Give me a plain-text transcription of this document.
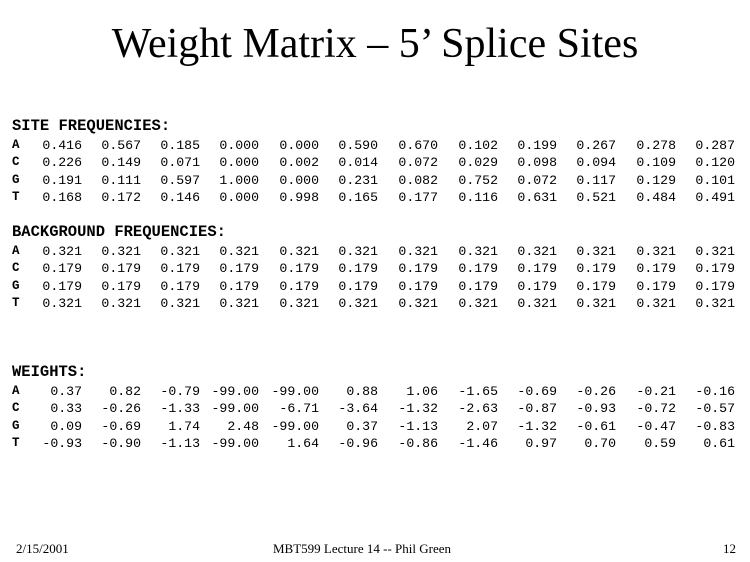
Weight Matrix – 5’ Splice Sites
SITE FREQUENCIES:
A	0.416	0.567	0.185	0.000	0.000	0.590	0.670	0.102	0.199	0.267	0.278	0.287
C	0.226	0.149	0.071	0.000	0.002	0.014	0.072	0.029	0.098	0.094	0.109	0.120
G	0.191	0.111	0.597	1.000	0.000	0.231	0.082	0.752	0.072	0.117	0.129	0.101
T	0.168	0.172	0.146	0.000	0.998	0.165	0.177	0.116	0.631	0.521	0.484	0.491
BACKGROUND FREQUENCIES:
A	0.321	0.321	0.321	0.321	0.321	0.321	0.321	0.321	0.321	0.321	0.321	0.321
C	0.179	0.179	0.179	0.179	0.179	0.179	0.179	0.179	0.179	0.179	0.179	0.179
G	0.179	0.179	0.179	0.179	0.179	0.179	0.179	0.179	0.179	0.179	0.179	0.179
T	0.321	0.321	0.321	0.321	0.321	0.321	0.321	0.321	0.321	0.321	0.321	0.321
WEIGHTS:
A	0.37	0.82	-0.79 -99.00 -99.00	0.88	1.06	-1.65	-0.69	-0.26	-0.21	-0.16
C	0.33	-0.26	-1.33 -99.00	-6.71	-3.64	-1.32	-2.63	-0.87	-0.93	-0.72	-0.57
G	0.09	-0.69	1.74	2.48 -99.00	0.37	-1.13	2.07	-1.32	-0.61	-0.47	-0.83
T	-0.93	-0.90	-1.13 -99.00	1.64	-0.96	-0.86	-1.46	0.97	0.70	0.59	0.61
2/15/2001	MBT599 Lecture 14 -- Phil Green	12
